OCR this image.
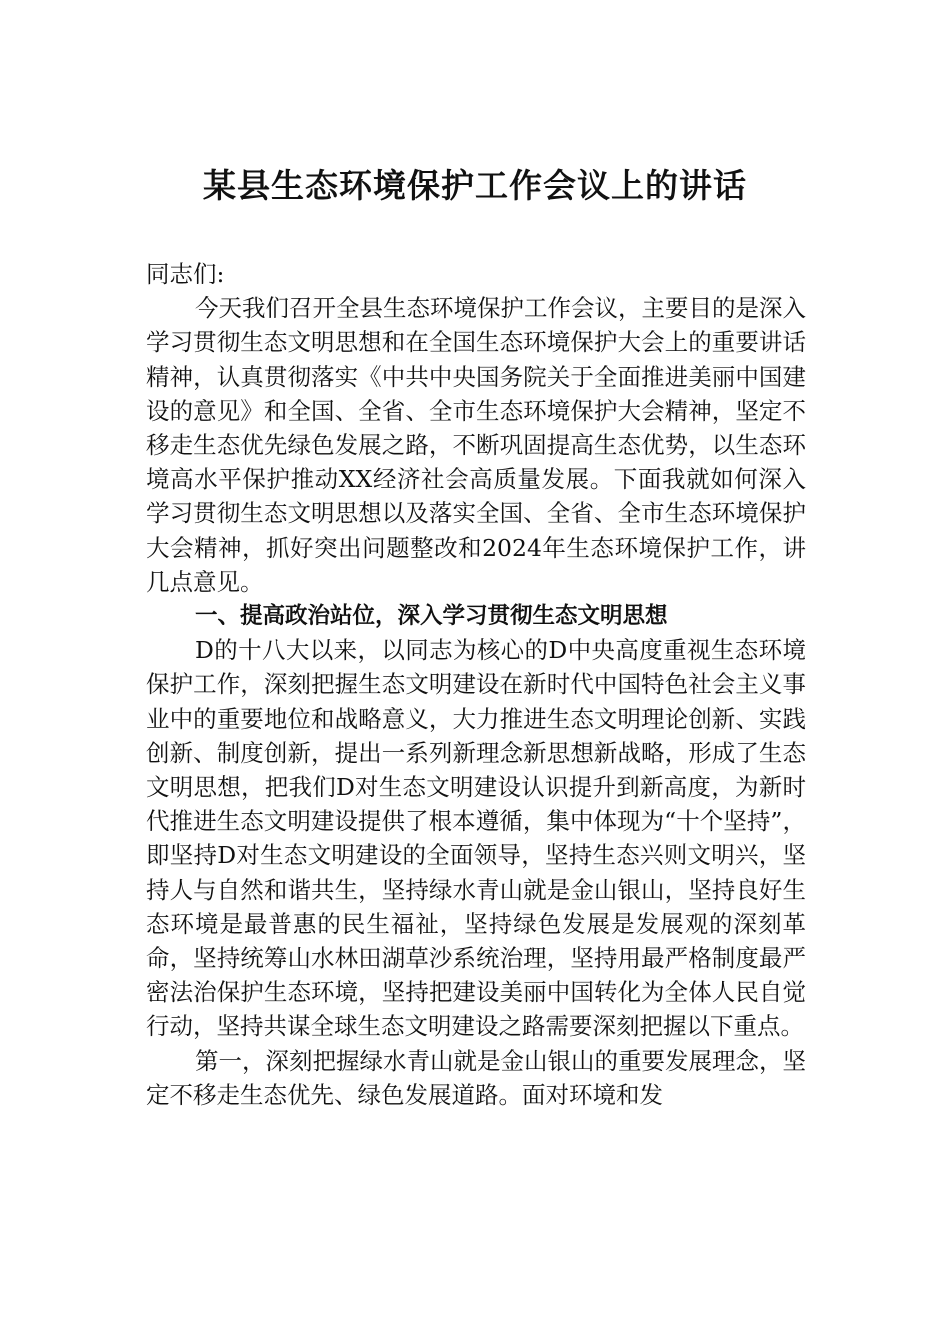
某县生态环境保护工作会议上的讲话

同志们:

今天我们召开全县生态环境保护工作会议，主要目的是深入学习贯彻生态文明思想和在全国生态环境保护大会上的重要讲话精神，认真贯彻落实《中共中央国务院关于全面推进美丽中国建设的意见》和全国、全省、全市生态环境保护大会精神，坚定不移走生态优先绿色发展之路，不断巩固提高生态优势，以生态环境高水平保护推动XX经济社会高质量发展。下面我就如何深入学习贯彻生态文明思想以及落实全国、全省、全市生态环境保护大会精神，抓好突出问题整改和2024年生态环境保护工作，讲几点意见。

一、提高政治站位，深入学习贯彻生态文明思想

D的十八大以来，以同志为核心的D中央高度重视生态环境保护工作，深刻把握生态文明建设在新时代中国特色社会主义事业中的重要地位和战略意义，大力推进生态文明理论创新、实践创新、制度创新，提出一系列新理念新思想新战略，形成了生态文明思想，把我们D对生态文明建设认识提升到新高度，为新时代推进生态文明建设提供了根本遵循，集中体现为“十个坚持”，即坚持D对生态文明建设的全面领导，坚持生态兴则文明兴，坚持人与自然和谐共生，坚持绿水青山就是金山银山，坚持良好生态环境是最普惠的民生福祉，坚持绿色发展是发展观的深刻革命，坚持统筹山水林田湖草沙系统治理，坚持用最严格制度最严密法治保护生态环境，坚持把建设美丽中国转化为全体人民自觉行动，坚持共谋全球生态文明建设之路需要深刻把握以下重点。

第一，深刻把握绿水青山就是金山银山的重要发展理念，坚定不移走生态优先、绿色发展道路。面对环境和发
